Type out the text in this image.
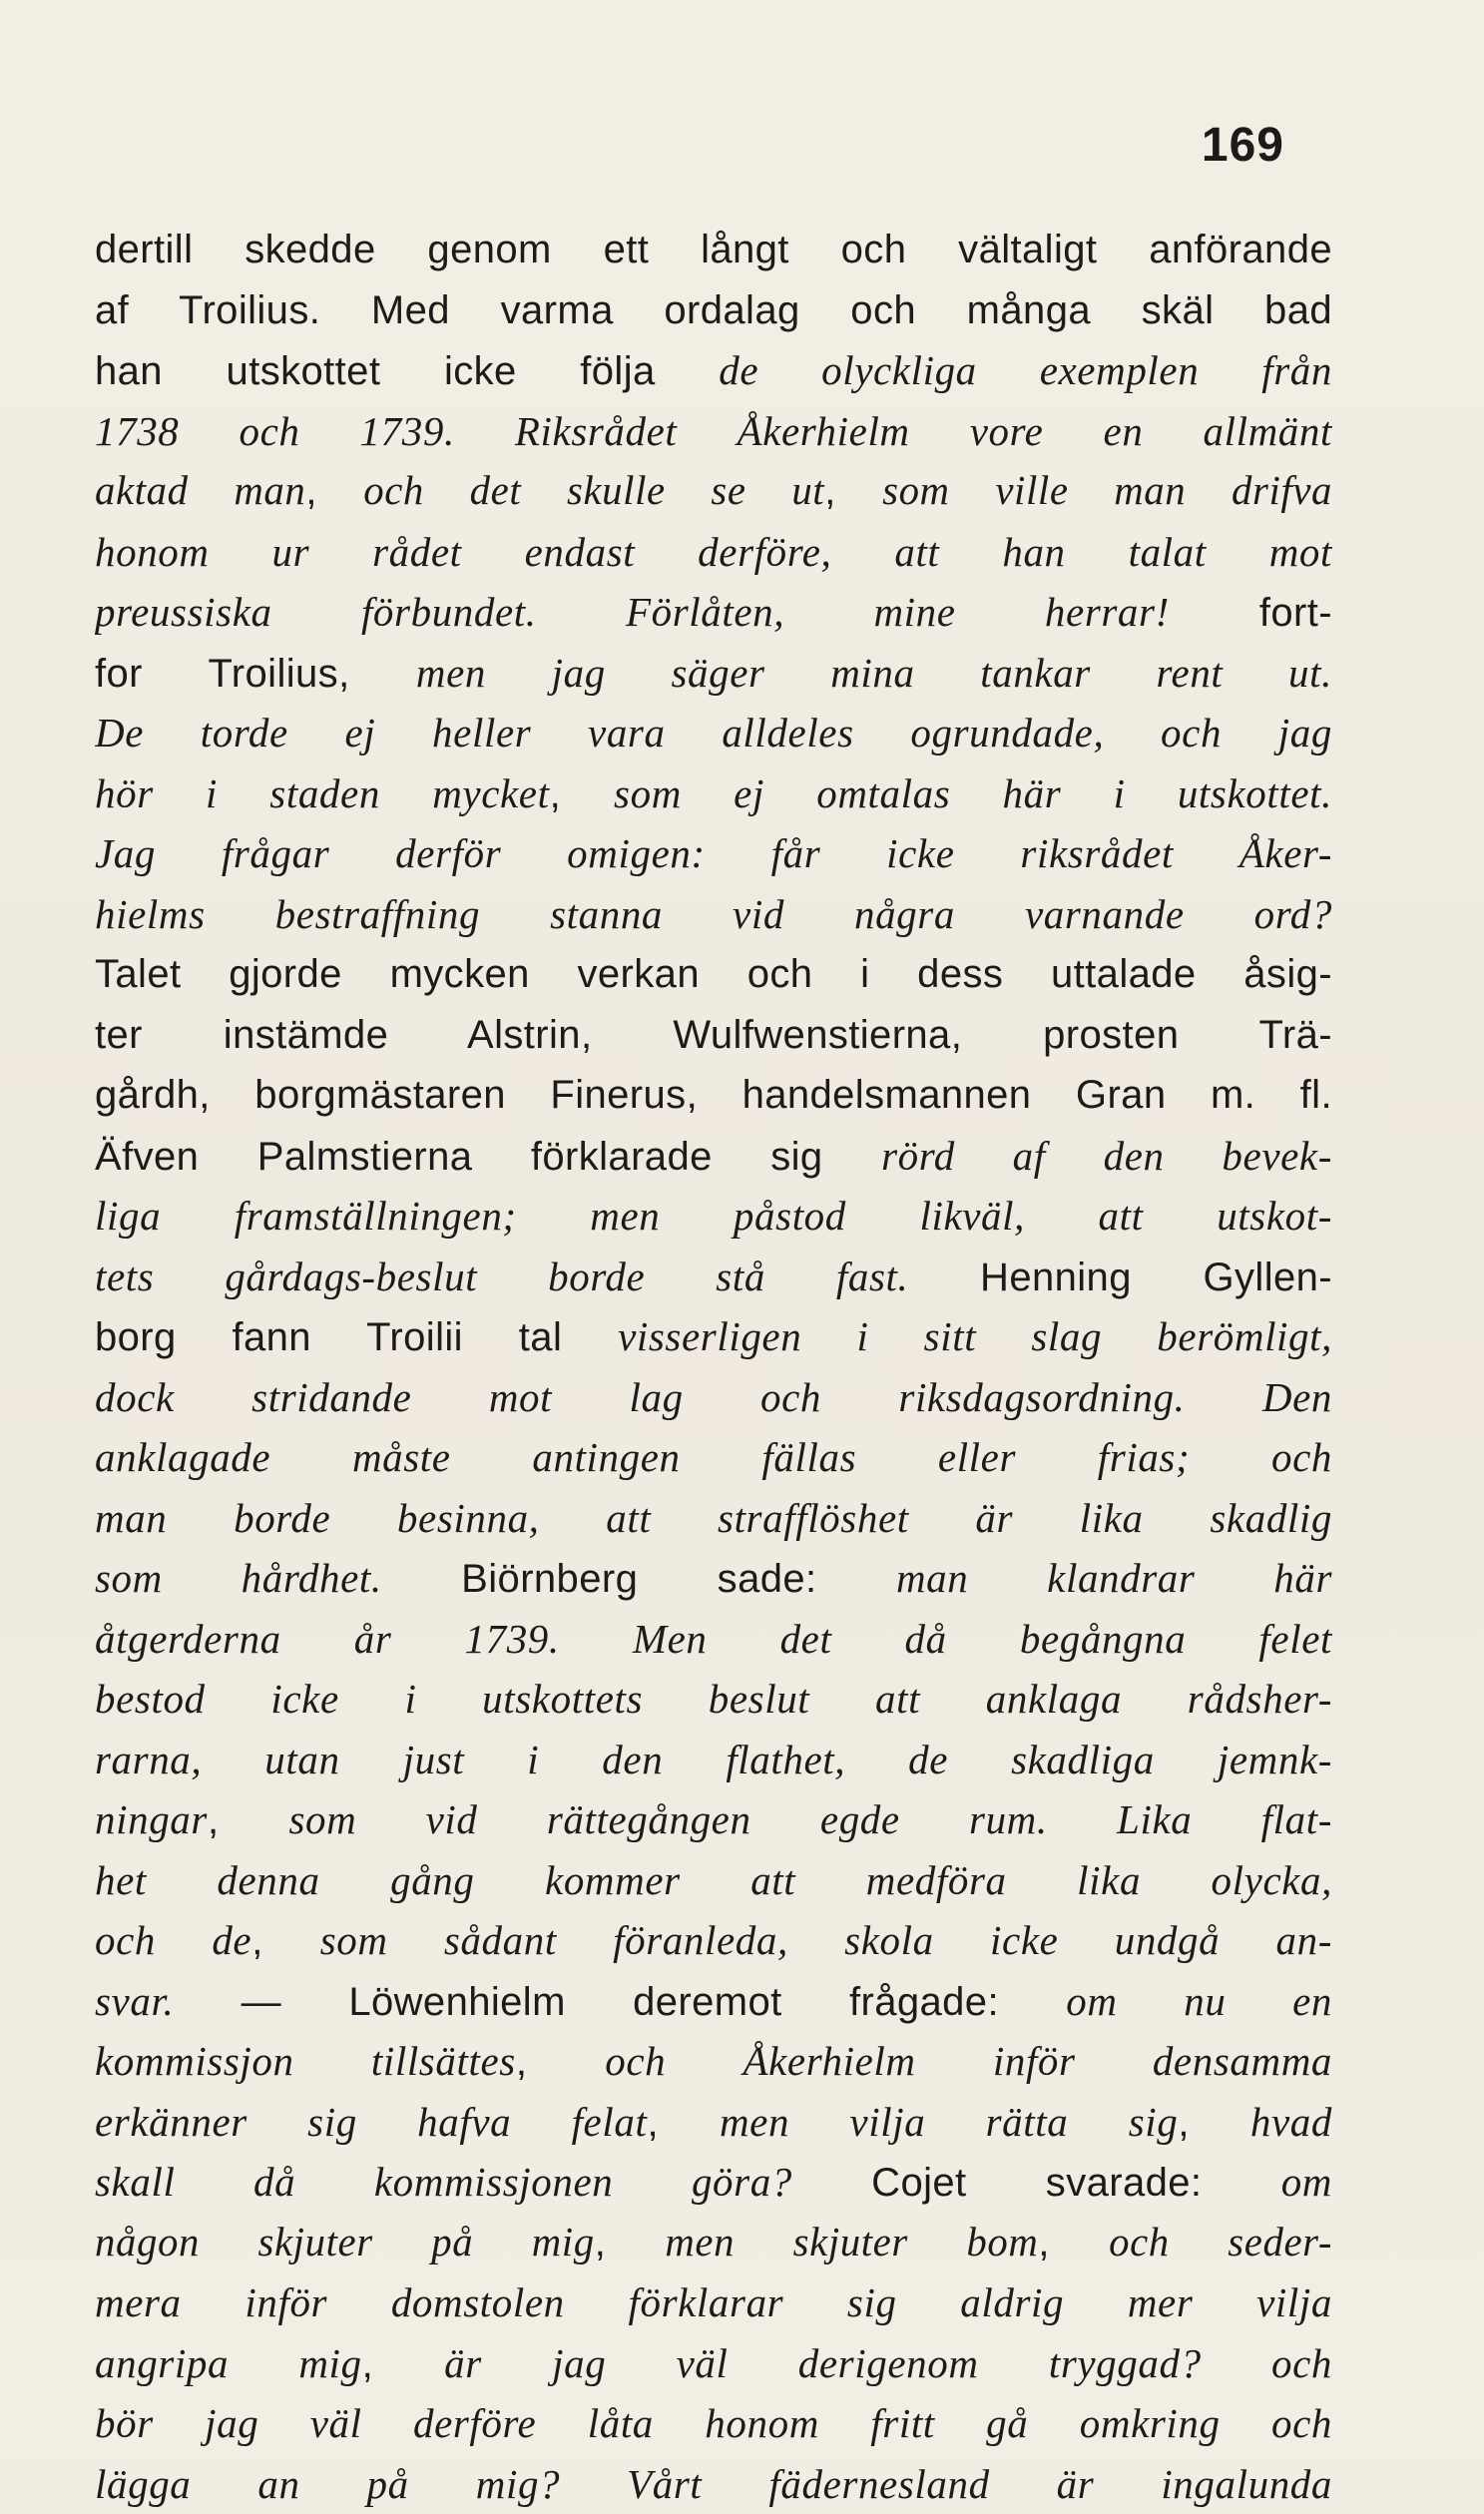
169
dertill skedde genom ett långt och vältaligt anförande
af Troilius. Med varma ordalag och många skäl bad
han utskottet icke följa de olyckliga exemplen från
1738 och 1739. Riksrådet Åkerhielm vore en allmänt
aktad man, och det skulle se ut, som ville man drifva
honom ur rådet endast derföre, att han talat mot
preussiska förbundet. Förlåten, mine herrar! fort-
for Troilius, men jag säger mina tankar rent ut.
De torde ej heller vara alldeles ogrundade, och jag
hör i staden mycket, som ej omtalas här i utskottet.
Jag frågar derför omigen: får icke riksrådet Åker-
hielms bestraffning stanna vid några varnande ord?
Talet gjorde mycken verkan och i dess uttalade åsig-
ter instämde Alstrin, Wulfwenstierna, prosten Trä-
gårdh, borgmästaren Finerus, handelsmannen Gran m. fl.
Äfven Palmstierna förklarade sig rörd af den bevek-
liga framställningen; men påstod likväl, att utskot-
tets gårdags-beslut borde stå fast. Henning Gyllen-
borg fann Troilii tal visserligen i sitt slag berömligt,
dock stridande mot lag och riksdagsordning. Den
anklagade måste antingen fällas eller frias; och
man borde besinna, att strafflöshet är lika skadlig
som hårdhet. Biörnberg sade: man klandrar här
åtgerderna år 1739. Men det då begångna felet
bestod icke i utskottets beslut att anklaga rådsher-
rarna, utan just i den flathet, de skadliga jemnk-
ningar, som vid rättegången egde rum. Lika flat-
het denna gång kommer att medföra lika olycka,
och de, som sådant föranleda, skola icke undgå an-
svar. — Löwenhielm deremot frågade: om nu en
kommissjon tillsättes, och Åkerhielm inför densamma
erkänner sig hafva felat, men vilja rätta sig, hvad
skall då kommissjonen göra? Cojet svarade: om
någon skjuter på mig, men skjuter bom, och seder-
mera inför domstolen förklarar sig aldrig mer vilja
angripa mig, är jag väl derigenom tryggad? och
bör jag väl derföre låta honom fritt gå omkring och
lägga an på mig? Vårt fädernesland är ingalunda
